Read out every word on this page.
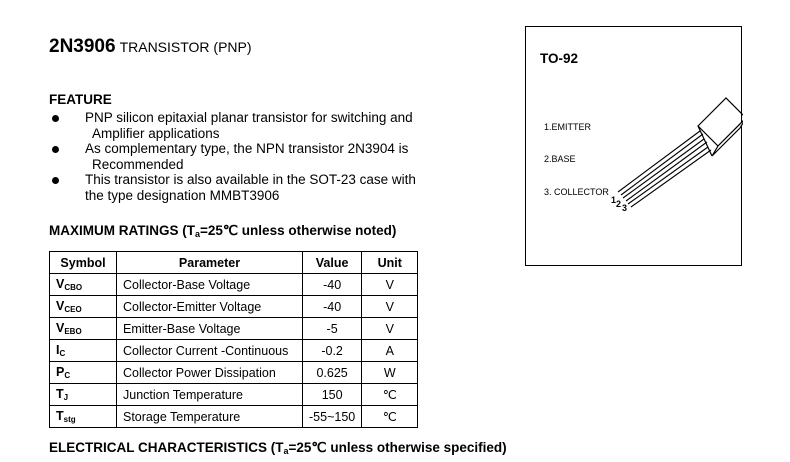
2N3906 TRANSISTOR (PNP)
FEATURE
PNP silicon epitaxial planar transistor for switching and
Amplifier applications
As complementary type, the NPN transistor 2N3904 is
Recommended
This transistor is also available in the SOT-23 case with
the type designation MMBT3906
MAXIMUM RATINGS (Ta=25℃ unless otherwise noted)
Symbol	Parameter	Value	Unit
VCBO	Collector-Base Voltage	-40	V
VCEO	Collector-Emitter Voltage	-40	V
VEBO	Emitter-Base Voltage	-5	V
IC	Collector Current -Continuous	-0.2	A
PC	Collector Power Dissipation	0.625	W
TJ	Junction Temperature	150	℃
Tstg	Storage Temperature	-55~150	℃
ELECTRICAL CHARACTERISTICS (Ta=25℃ unless otherwise specified)
TO-92
1.EMITTER
2.BASE
3. COLLECTOR
1 2 3
